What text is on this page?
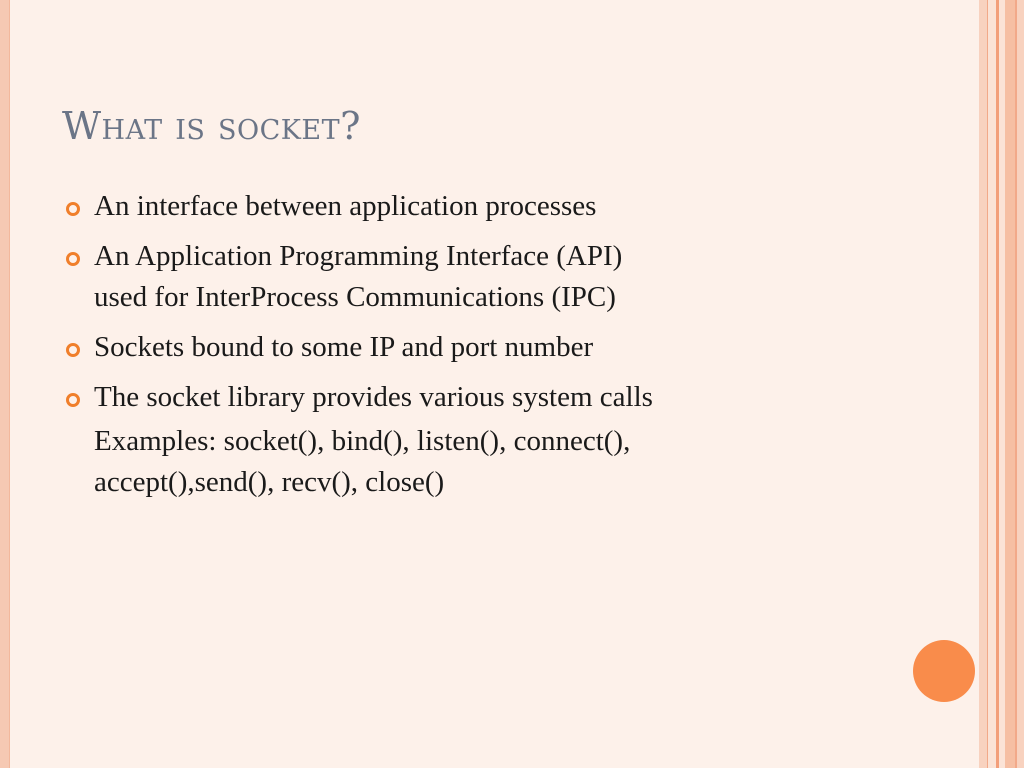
What is socket?
An interface between application processes
An Application Programming Interface (API)
used for InterProcess Communications (IPC)
Sockets bound to some IP and port number
The socket library provides various system calls
Examples: socket(), bind(), listen(), connect(),
accept(),send(), recv(), close()
